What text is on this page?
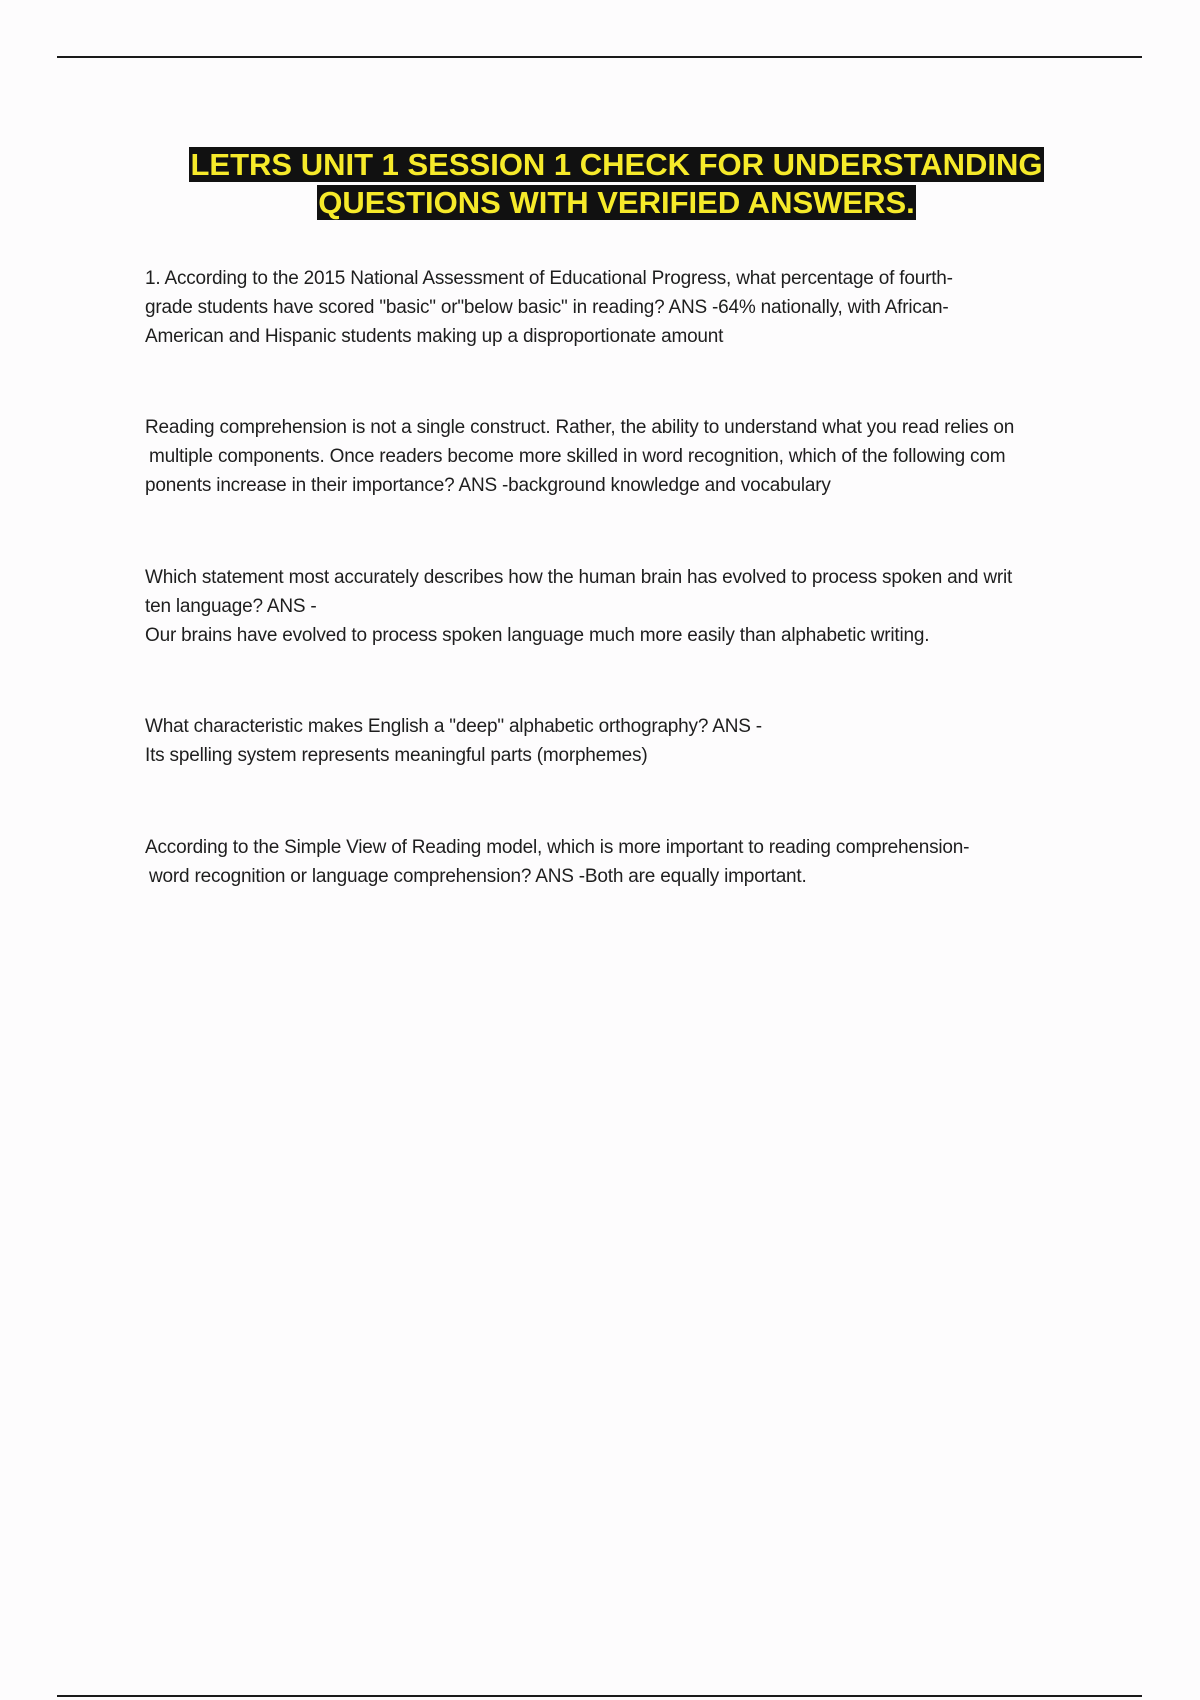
LETRS UNIT 1 SESSION 1 CHECK FOR UNDERSTANDING
QUESTIONS WITH VERIFIED ANSWERS.

1. According to the 2015 National Assessment of Educational Progress, what percentage of fourth-
grade students have scored "basic" or"below basic" in reading? ANS -64% nationally, with African-
American and Hispanic students making up a disproportionate amount

Reading comprehension is not a single construct. Rather, the ability to understand what you read relies on
multiple components. Once readers become more skilled in word recognition, which of the following com
ponents increase in their importance? ANS -background knowledge and vocabulary

Which statement most accurately describes how the human brain has evolved to process spoken and writ
ten language? ANS -
Our brains have evolved to process spoken language much more easily than alphabetic writing.

What characteristic makes English a "deep" alphabetic orthography? ANS -
Its spelling system represents meaningful parts (morphemes)

According to the Simple View of Reading model, which is more important to reading comprehension-
word recognition or language comprehension? ANS -Both are equally important.
